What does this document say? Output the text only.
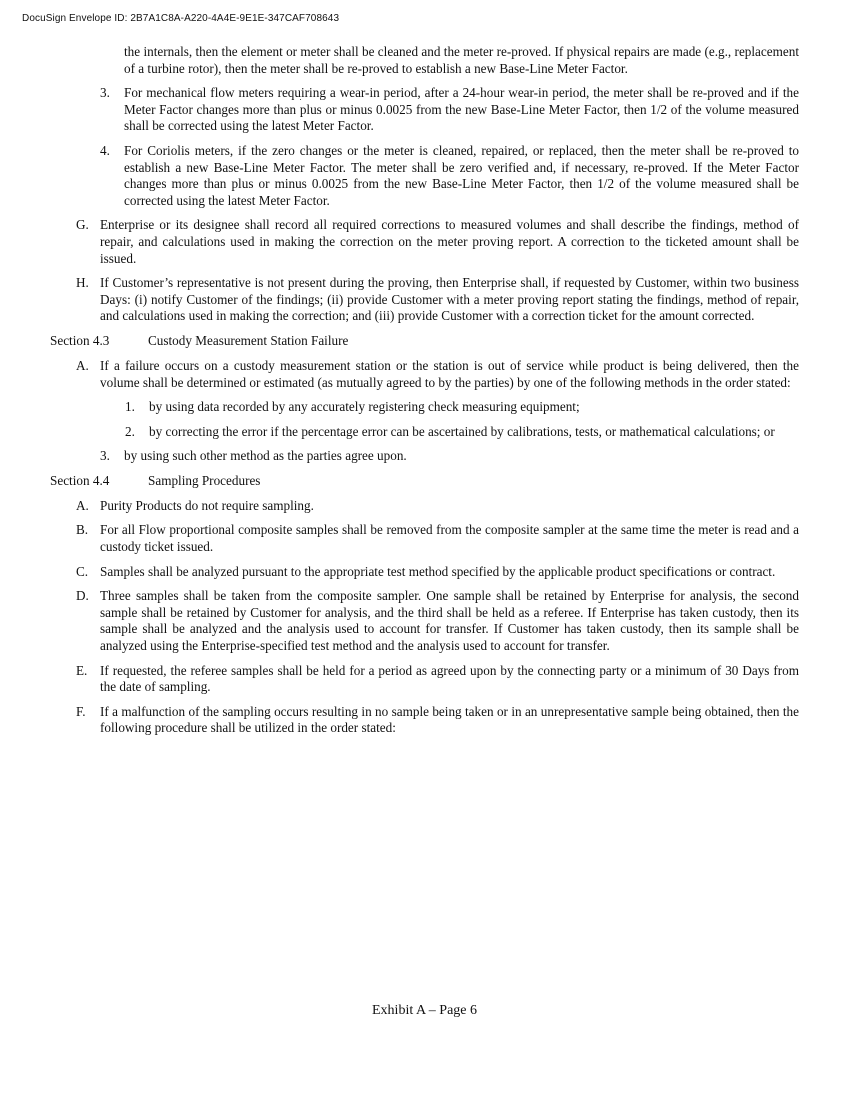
DocuSign Envelope ID: 2B7A1C8A-A220-4A4E-9E1E-347CAF708643

the internals, then the element or meter shall be cleaned and the meter re-proved. If physical repairs are made (e.g., replacement of a turbine rotor), then the meter shall be re-proved to establish a new Base-Line Meter Factor.

3. For mechanical flow meters requiring a wear-in period, after a 24-hour wear-in period, the meter shall be re-proved and if the Meter Factor changes more than plus or minus 0.0025 from the new Base-Line Meter Factor, then 1/2 of the volume measured shall be corrected using the latest Meter Factor.
4. For Coriolis meters, if the zero changes or the meter is cleaned, repaired, or replaced, then the meter shall be re-proved to establish a new Base-Line Meter Factor. The meter shall be zero verified and, if necessary, re-proved. If the Meter Factor changes more than plus or minus 0.0025 from the new Base-Line Meter Factor, then 1/2 of the volume measured shall be corrected using the latest Meter Factor.
G. Enterprise or its designee shall record all required corrections to measured volumes and shall describe the findings, method of repair, and calculations used in making the correction on the meter proving report. A correction to the ticketed amount shall be issued.
H. If Customer’s representative is not present during the proving, then Enterprise shall, if requested by Customer, within two business Days: (i) notify Customer of the findings; (ii) provide Customer with a meter proving report stating the findings, method of repair, and calculations used in making the correction; and (iii) provide Customer with a correction ticket for the amount corrected.
Section 4.3	Custody Measurement Station Failure
A. If a failure occurs on a custody measurement station or the station is out of service while product is being delivered, then the volume shall be determined or estimated (as mutually agreed to by the parties) by one of the following methods in the order stated:
1. by using data recorded by any accurately registering check measuring equipment;
2. by correcting the error if the percentage error can be ascertained by calibrations, tests, or mathematical calculations; or
3. by using such other method as the parties agree upon.
Section 4.4	Sampling Procedures
A. Purity Products do not require sampling.
B. For all Flow proportional composite samples shall be removed from the composite sampler at the same time the meter is read and a custody ticket issued.
C. Samples shall be analyzed pursuant to the appropriate test method specified by the applicable product specifications or contract.
D. Three samples shall be taken from the composite sampler. One sample shall be retained by Enterprise for analysis, the second sample shall be retained by Customer for analysis, and the third shall be held as a referee. If Enterprise has taken custody, then its sample shall be analyzed and the analysis used to account for transfer. If Customer has taken custody, then its sample shall be analyzed using the Enterprise-specified test method and the analysis used to account for transfer.
E. If requested, the referee samples shall be held for a period as agreed upon by the connecting party or a minimum of 30 Days from the date of sampling.
F. If a malfunction of the sampling occurs resulting in no sample being taken or in an unrepresentative sample being obtained, then the following procedure shall be utilized in the order stated:
Exhibit A – Page 6
